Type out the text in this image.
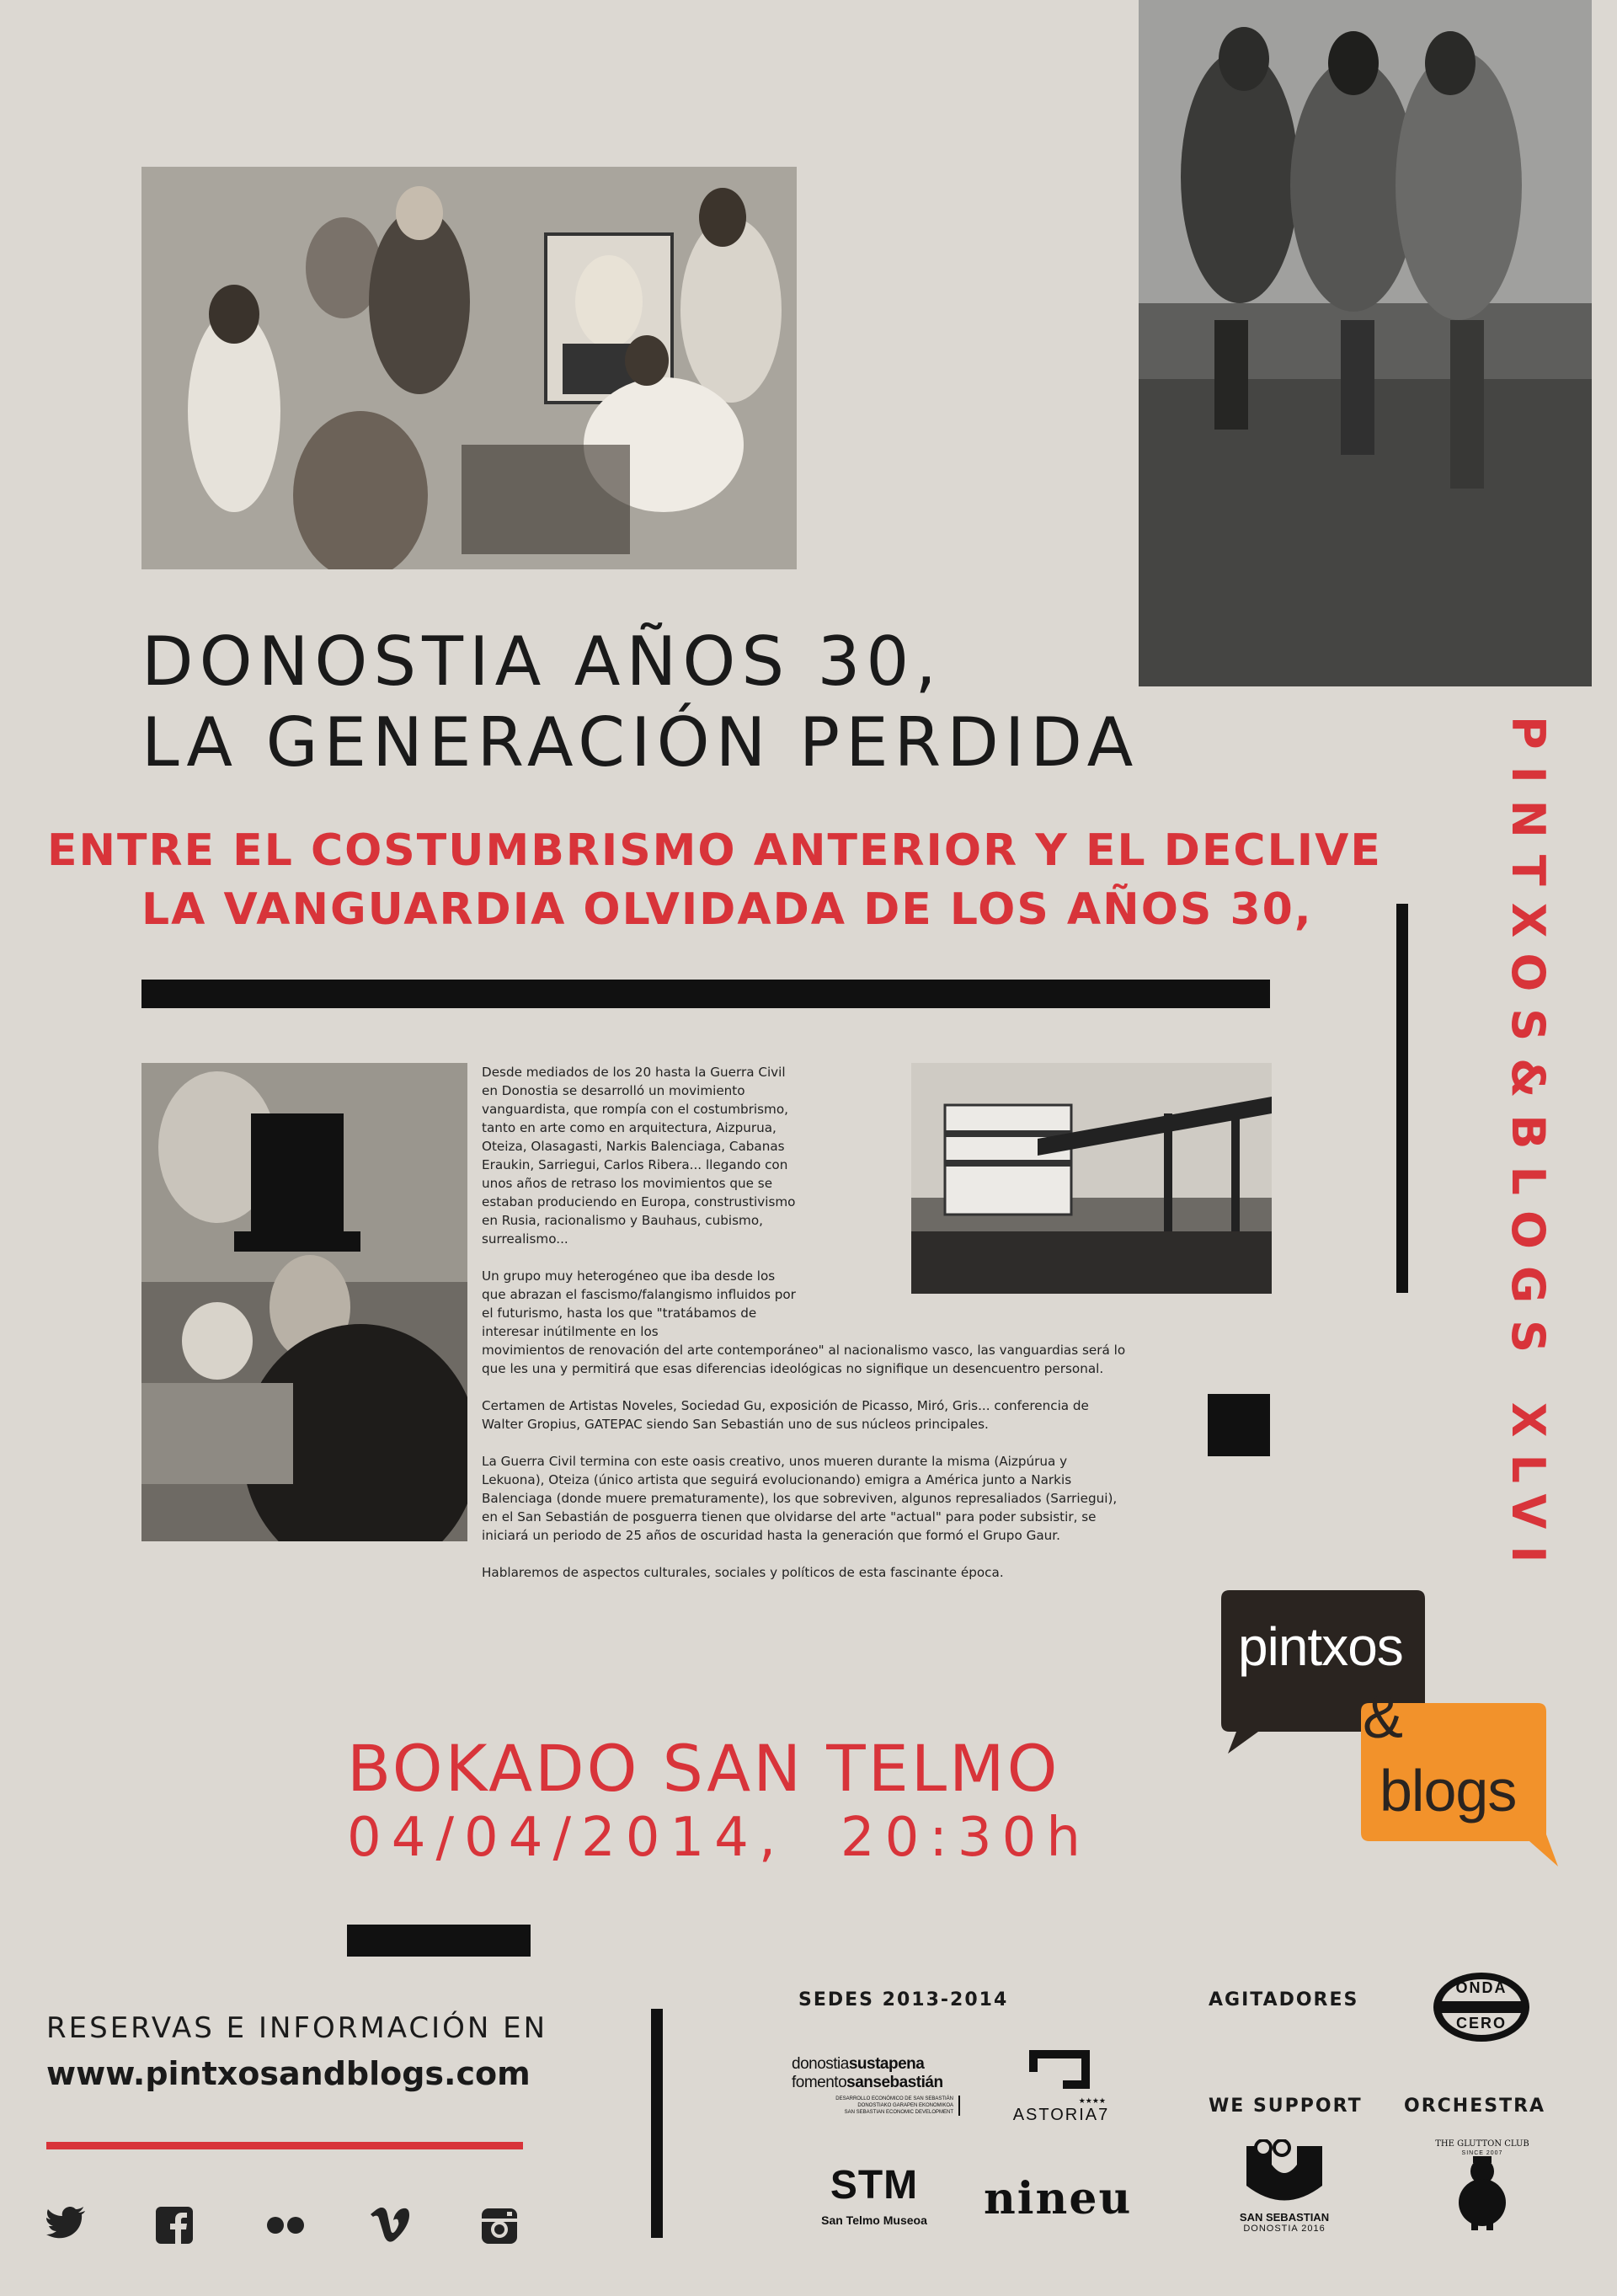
DONOSTIA AÑOS 30,
LA GENERACIÓN PERDIDA
ENTRE EL COSTUMBRISMO ANTERIOR Y EL DECLIVE
LA VANGUARDIA OLVIDADA DE LOS AÑOS 30,	PINTXOS&BLOGS XLVI

Desde mediados de los 20 hasta la Guerra Civil en Donostia se desarrolló un movimiento vanguardista, que rompía con el costumbrismo, tanto en arte como en arquitectura, Aizpurua, Oteiza, Olasagasti, Narkis Balenciaga, Cabanas Eraukin, Sarriegui, Carlos Ribera... llegando con unos años de retraso los movimientos que se estaban produciendo en Europa, construstivismo en Rusia, racionalismo y Bauhaus, cubismo, surrealismo...

Un grupo muy heterogéneo que iba desde los que abrazan el fascismo/falangismo influidos por el futurismo, hasta los que "tratábamos de interesar inútilmente en los
movimientos de renovación del arte contemporáneo" al nacionalismo vasco, las vanguardias será lo que les una y permitirá que esas diferencias ideológicas no signifique un desencuentro personal.

Certamen de Artistas Noveles, Sociedad Gu, exposición de Picasso, Miró, Gris... conferencia de Walter Gropius, GATEPAC siendo San Sebastián uno de sus núcleos principales.

La Guerra Civil termina con este oasis creativo, unos mueren durante la misma (Aizpúrua y Lekuona), Oteiza (único artista que seguirá evolucionando) emigra a América junto a Narkis Balenciaga (donde muere prematuramente), los que sobreviven, algunos represaliados (Sarriegui), en el San Sebastián de posguerra tienen que olvidarse del arte "actual" para poder subsistir, se iniciará un periodo de 25 años de oscuridad hasta la generación que formó el Grupo Gaur.

Hablaremos de aspectos culturales, sociales y políticos de esta fascinante época.

pintxos
&
blogs
BOKADO SAN TELMO
04/04/2014,  20:30h
RESERVAS E INFORMACIÓN EN
www.pintxosandblogs.com
SEDES 2013-2014	AGITADORES
WE SUPPORT ORCHESTRA
donostiasustapena
fomentosansebastián
DESARROLLO ECONÓMICO DE SAN SEBASTIÁN
DONOSTIAKO GARAPEN EKONOMIKOA
SAN SEBASTIAN ECONOMIC DEVELOPMENT
★★★★
ASTORIA7
STM
San Telmo Museoa	nineu
ONDA
CERO
SAN SEBASTIAN
DONOSTIA 2016
THE GLUTTON CLUB
SINCE 2007
